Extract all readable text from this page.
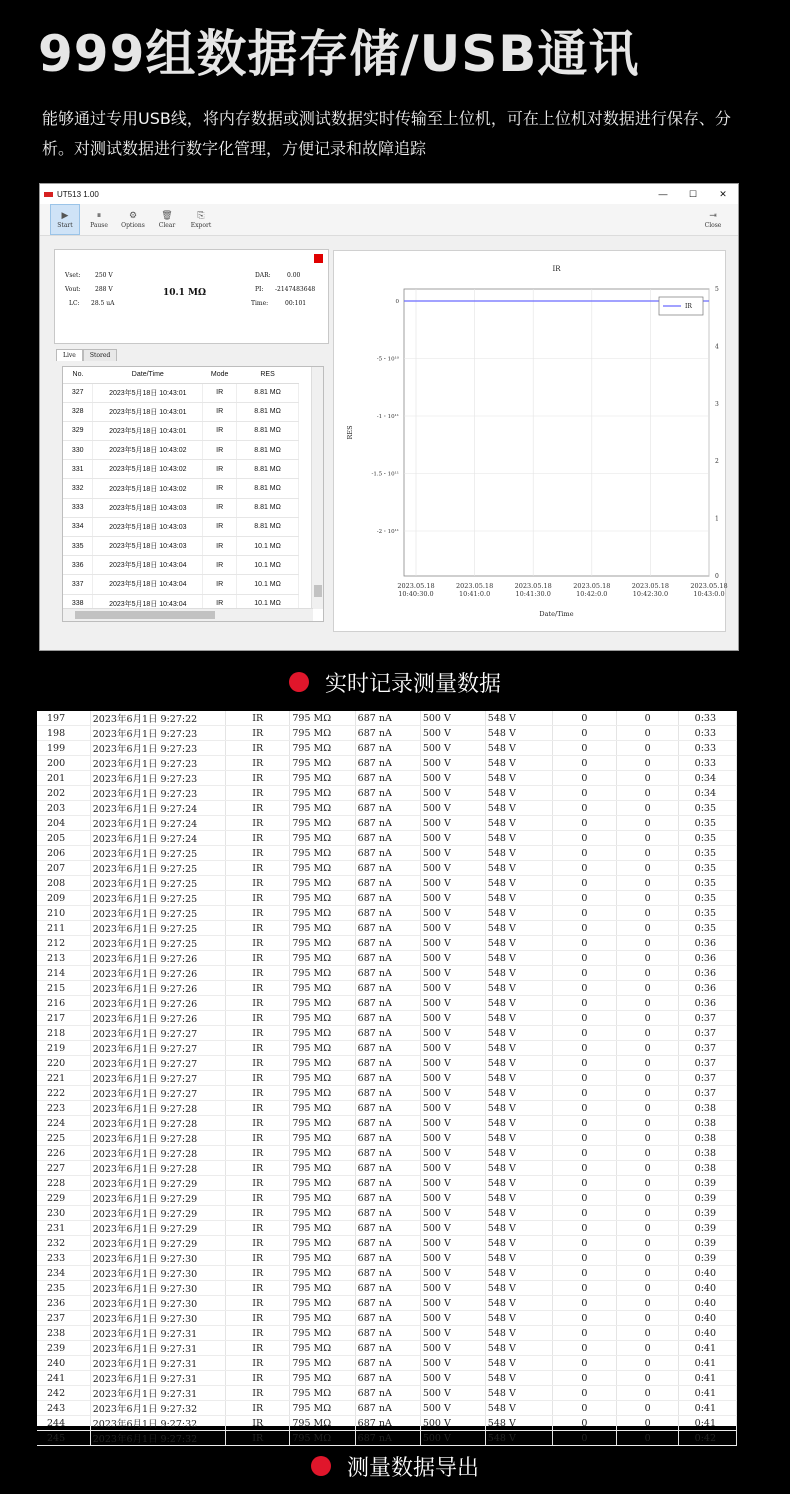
999组数据存储/USB通讯
能够通过专用USB线，将内存数据或测试数据实时传输至上位机，可在上位机对数据进行保存、分析。对测试数据进行数字化管理，方便记录和故障追踪
UT513 1.00	—	☐	✕
▶
Start
⏸
Pause
⚙
Options
🗑
Clear
⎘
Export
⇥
Close
Vset: 250 V
Vout: 288 V
LC: 28.5 uA
10.1 MΩ
DAR:	0.00
PI: -2147483648
Time:	00:101
Live	Stored
No.	Date/Time	Mode	RES
327	2023年5月18日 10:43:01	IR	8.81 MΩ
328	2023年5月18日 10:43:01	IR	8.81 MΩ
329	2023年5月18日 10:43:01	IR	8.81 MΩ
330	2023年5月18日 10:43:02	IR	8.81 MΩ
331	2023年5月18日 10:43:02	IR	8.81 MΩ
332	2023年5月18日 10:43:02	IR	8.81 MΩ
333	2023年5月18日 10:43:03	IR	8.81 MΩ
334	2023年5月18日 10:43:03	IR	8.81 MΩ
335	2023年5月18日 10:43:03	IR	10.1 MΩ
336	2023年5月18日 10:43:04	IR	10.1 MΩ
337	2023年5月18日 10:43:04	IR	10.1 MΩ
338	2023年5月18日 10:43:04	IR	10.1 MΩ
2023.05.18
10:40:30.0
2023.05.18
10:41:0.0
2023.05.18
10:41:30.0
2023.05.18
10:42:0.0
2023.05.18
10:42:30.0
2023.05.18
10:43:0.0
0
-5・10¹⁰
-1・10¹¹
-1.5・10¹¹
-2・10¹¹
5
4
3
2
1
0
IR
RES
Date/Time
IR
实时记录测量数据
197	2023年6月1日 9:27:22	IR	795 MΩ	687 nA	500 V	548 V	0	0	0:33
198	2023年6月1日 9:27:23	IR	795 MΩ	687 nA	500 V	548 V	0	0	0:33
199	2023年6月1日 9:27:23	IR	795 MΩ	687 nA	500 V	548 V	0	0	0:33
200	2023年6月1日 9:27:23	IR	795 MΩ	687 nA	500 V	548 V	0	0	0:33
201	2023年6月1日 9:27:23	IR	795 MΩ	687 nA	500 V	548 V	0	0	0:34
202	2023年6月1日 9:27:23	IR	795 MΩ	687 nA	500 V	548 V	0	0	0:34
203	2023年6月1日 9:27:24	IR	795 MΩ	687 nA	500 V	548 V	0	0	0:35
204	2023年6月1日 9:27:24	IR	795 MΩ	687 nA	500 V	548 V	0	0	0:35
205	2023年6月1日 9:27:24	IR	795 MΩ	687 nA	500 V	548 V	0	0	0:35
206	2023年6月1日 9:27:25	IR	795 MΩ	687 nA	500 V	548 V	0	0	0:35
207	2023年6月1日 9:27:25	IR	795 MΩ	687 nA	500 V	548 V	0	0	0:35
208	2023年6月1日 9:27:25	IR	795 MΩ	687 nA	500 V	548 V	0	0	0:35
209	2023年6月1日 9:27:25	IR	795 MΩ	687 nA	500 V	548 V	0	0	0:35
210	2023年6月1日 9:27:25	IR	795 MΩ	687 nA	500 V	548 V	0	0	0:35
211	2023年6月1日 9:27:25	IR	795 MΩ	687 nA	500 V	548 V	0	0	0:35
212	2023年6月1日 9:27:25	IR	795 MΩ	687 nA	500 V	548 V	0	0	0:36
213	2023年6月1日 9:27:26	IR	795 MΩ	687 nA	500 V	548 V	0	0	0:36
214	2023年6月1日 9:27:26	IR	795 MΩ	687 nA	500 V	548 V	0	0	0:36
215	2023年6月1日 9:27:26	IR	795 MΩ	687 nA	500 V	548 V	0	0	0:36
216	2023年6月1日 9:27:26	IR	795 MΩ	687 nA	500 V	548 V	0	0	0:36
217	2023年6月1日 9:27:26	IR	795 MΩ	687 nA	500 V	548 V	0	0	0:37
218	2023年6月1日 9:27:27	IR	795 MΩ	687 nA	500 V	548 V	0	0	0:37
219	2023年6月1日 9:27:27	IR	795 MΩ	687 nA	500 V	548 V	0	0	0:37
220	2023年6月1日 9:27:27	IR	795 MΩ	687 nA	500 V	548 V	0	0	0:37
221	2023年6月1日 9:27:27	IR	795 MΩ	687 nA	500 V	548 V	0	0	0:37
222	2023年6月1日 9:27:27	IR	795 MΩ	687 nA	500 V	548 V	0	0	0:37
223	2023年6月1日 9:27:28	IR	795 MΩ	687 nA	500 V	548 V	0	0	0:38
224	2023年6月1日 9:27:28	IR	795 MΩ	687 nA	500 V	548 V	0	0	0:38
225	2023年6月1日 9:27:28	IR	795 MΩ	687 nA	500 V	548 V	0	0	0:38
226	2023年6月1日 9:27:28	IR	795 MΩ	687 nA	500 V	548 V	0	0	0:38
227	2023年6月1日 9:27:28	IR	795 MΩ	687 nA	500 V	548 V	0	0	0:38
228	2023年6月1日 9:27:29	IR	795 MΩ	687 nA	500 V	548 V	0	0	0:39
229	2023年6月1日 9:27:29	IR	795 MΩ	687 nA	500 V	548 V	0	0	0:39
230	2023年6月1日 9:27:29	IR	795 MΩ	687 nA	500 V	548 V	0	0	0:39
231	2023年6月1日 9:27:29	IR	795 MΩ	687 nA	500 V	548 V	0	0	0:39
232	2023年6月1日 9:27:29	IR	795 MΩ	687 nA	500 V	548 V	0	0	0:39
233	2023年6月1日 9:27:30	IR	795 MΩ	687 nA	500 V	548 V	0	0	0:39
234	2023年6月1日 9:27:30	IR	795 MΩ	687 nA	500 V	548 V	0	0	0:40
235	2023年6月1日 9:27:30	IR	795 MΩ	687 nA	500 V	548 V	0	0	0:40
236	2023年6月1日 9:27:30	IR	795 MΩ	687 nA	500 V	548 V	0	0	0:40
237	2023年6月1日 9:27:30	IR	795 MΩ	687 nA	500 V	548 V	0	0	0:40
238	2023年6月1日 9:27:31	IR	795 MΩ	687 nA	500 V	548 V	0	0	0:40
239	2023年6月1日 9:27:31	IR	795 MΩ	687 nA	500 V	548 V	0	0	0:41
240	2023年6月1日 9:27:31	IR	795 MΩ	687 nA	500 V	548 V	0	0	0:41
241	2023年6月1日 9:27:31	IR	795 MΩ	687 nA	500 V	548 V	0	0	0:41
242	2023年6月1日 9:27:31	IR	795 MΩ	687 nA	500 V	548 V	0	0	0:41
243	2023年6月1日 9:27:32	IR	795 MΩ	687 nA	500 V	548 V	0	0	0:41
244	2023年6月1日 9:27:32	IR	795 MΩ	687 nA	500 V	548 V	0	0	0:41
245	2023年6月1日 9:27:32	IR	795 MΩ	687 nA	500 V	548 V	0	0	0:42
测量数据导出
